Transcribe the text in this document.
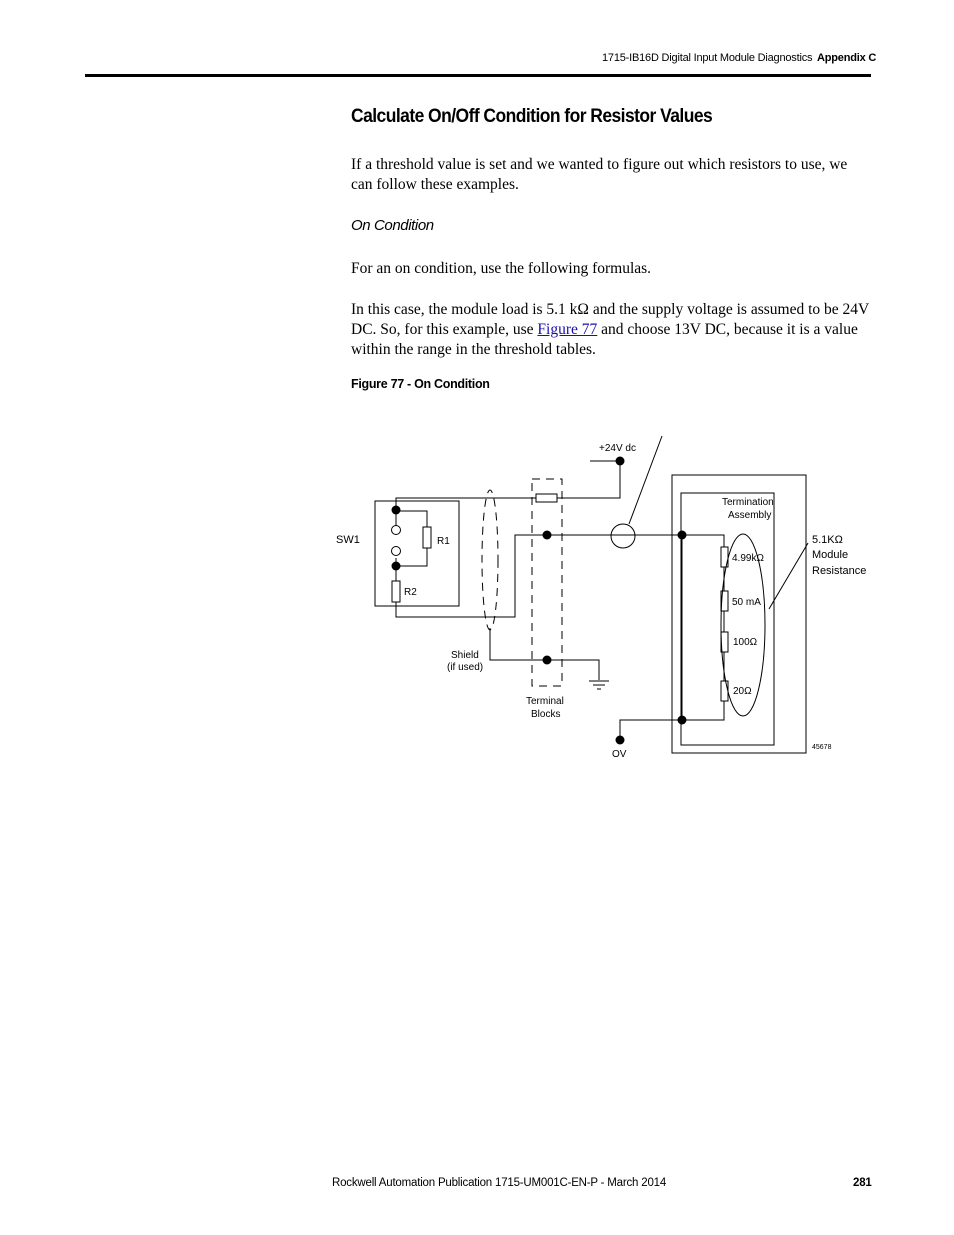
1715-IB16D Digital Input Module Diagnostics Appendix C
Calculate On/Off Condition for Resistor Values

If a threshold value is set and we wanted to figure out which resistors to use, we can follow these examples.

On Condition

For an on condition, use the following formulas.

In this case, the module load is 5.1 kΩ and the supply voltage is assumed to be 24V DC. So, for this example, use Figure 77 and choose 13V DC, because it is a value within the range in the threshold tables.

Figure 77 - On Condition

+24V dc
Termination
Assembly
SW1	R1
R2
5.1KΩ
Module
Resistance
4.99kΩ
50 mA
100Ω
20Ω
Shield
(if used)
Terminal
Blocks
OV
45678
Rockwell Automation Publication 1715-UM001C-EN-P - March 2014	281
